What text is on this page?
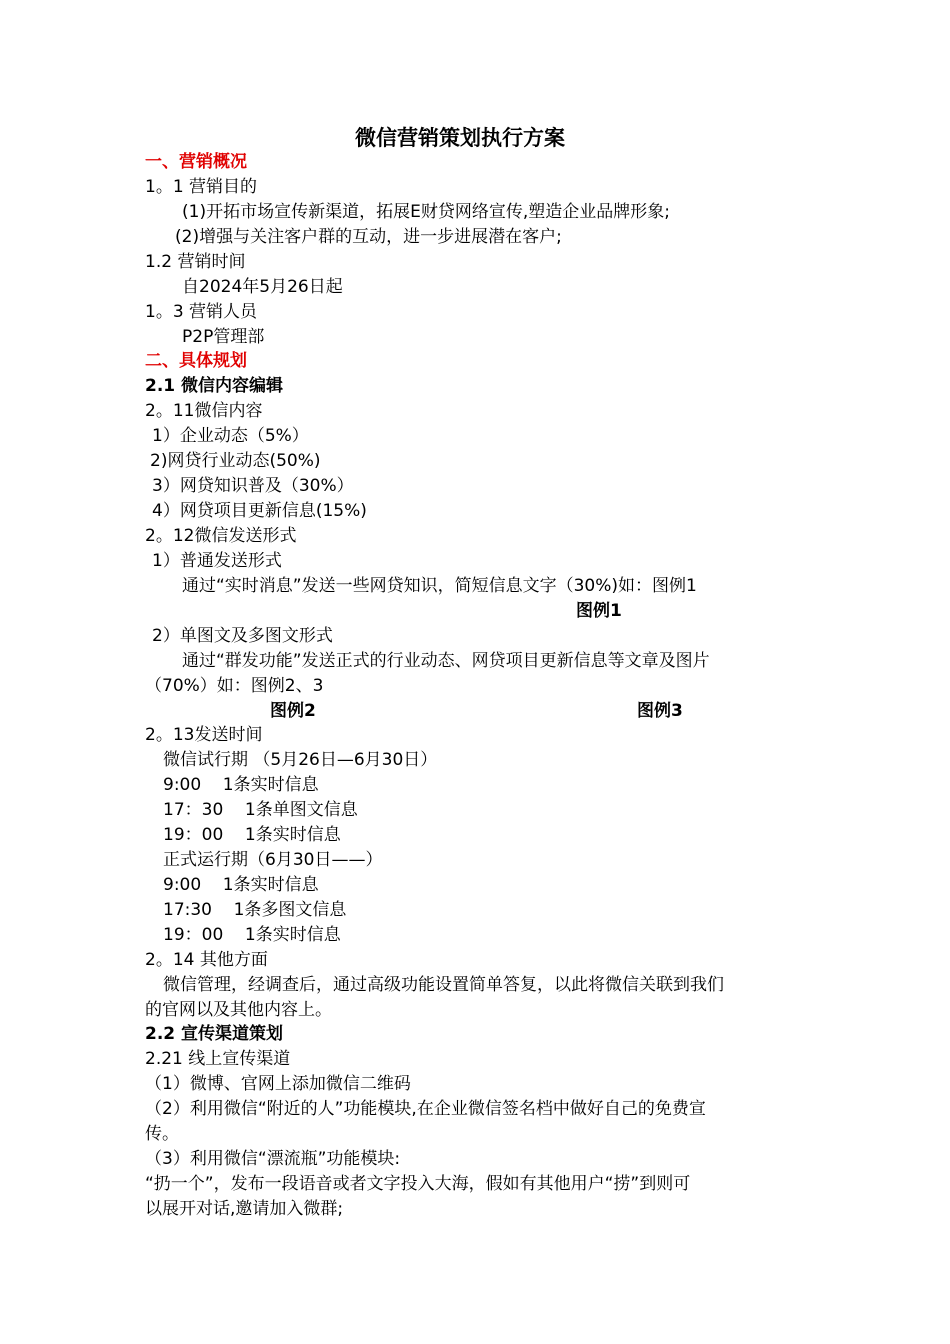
微信营销策划执行方案
一、营销概况
1。1 营销目的
(1)开拓市场宣传新渠道，拓展E财贷网络宣传,塑造企业品牌形象;
(2)增强与关注客户群的互动，进一步进展潜在客户;
1.2 营销时间
自2024年5月26日起
1。3 营销人员
P2P管理部
二、具体规划
2.1 微信内容编辑
2。11微信内容
1）企业动态（5%）
2)网贷行业动态(50%)
3）网贷知识普及（30%）
4）网贷项目更新信息(15%)
2。12微信发送形式
1）普通发送形式
通过“实时消息”发送一些网贷知识，简短信息文字（30%)如：图例1
图例1
2）单图文及多图文形式
通过“群发功能”发送正式的行业动态、网贷项目更新信息等文章及图片
（70%）如：图例2、3
图例2	图例3
2。13发送时间
微信试行期 （5月26日—6月30日）
9:00    1条实时信息
17：30    1条单图文信息
19：00    1条实时信息
正式运行期（6月30日——）
9:00    1条实时信息
17:30    1条多图文信息
19：00    1条实时信息
2。14 其他方面
微信管理，经调查后，通过高级功能设置简单答复，以此将微信关联到我们
的官网以及其他内容上。
2.2 宣传渠道策划
2.21 线上宣传渠道
（1）微博、官网上添加微信二维码
（2）利用微信“附近的人”功能模块,在企业微信签名档中做好自己的免费宣
传。
（3）利用微信“漂流瓶”功能模块:
“扔一个”，发布一段语音或者文字投入大海，假如有其他用户“捞”到则可
以展开对话,邀请加入微群;
